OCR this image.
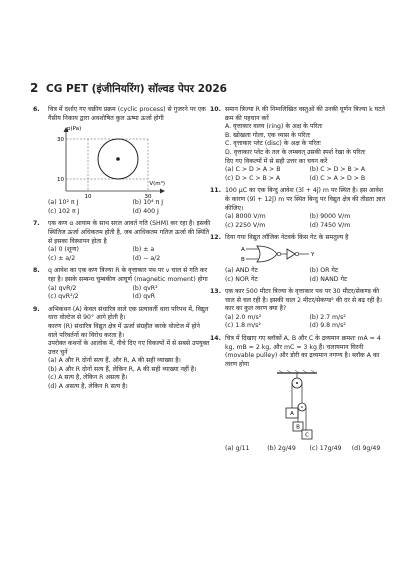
2 CG PET (इंजीनियरिंग) सॉल्वड पेपर 2026
6. चित्र में दर्शाए गए चक्रीय प्रक्रम (cyclic process) से गुजरने पर एक गैसीय निकाय द्वारा अवशोषित कुल ऊष्मा ऊर्जा होगी
p(Pa)
V(m³)
30
10
10	30
(a) 10² π J	(b) 10⁴ π J
(c) 102 π J	(d) 400 J
7. एक कण α आयाम के साथ सरल आवर्त गति (SHM) कर रहा है। इसकी स्थितिज ऊर्जा अधिकतम होती है, जब आधिकतम गतिज ऊर्जा की स्थिति से इसका विस्थापन होता है
(a) 0 (शून्य)	(b) ± a
(c) ± a/2	(d) − a/2
8. q आवेश का एक कण त्रिज्या R के वृत्ताकार पथ पर v चाल से गति कर रहा है। इसके सम्बन्ध चुम्बकीय आघूर्ण (magnetic moment) होगा
(a) qvR/2	(b) qvR²
(c) qvR²/2	(d) qvR
9. अभिकथन (A) केवल संधारित्र वाले एक प्रत्यावर्ती धारा परिपथ में, विद्युत धारा वोल्टेज से 90° आगे होती है।
कारण (R) संधारित्र विद्युत क्षेत्र में ऊर्जा संग्रहीत करके वोल्टेज में होने वाले परिवर्तनों का विरोध करता है।
उपरोक्त कथनों के आलोक में, नीचे दिए गए विकल्पों में से सबसे उपयुक्त उत्तर चुनें
(a) A और R दोनों सत्य हैं, और R, A की सही व्याख्या है।
(b) A और R दोनों सत्य हैं, लेकिन R, A की सही व्याख्या नहीं है।
(c) A सत्य है, लेकिन R असत्य है।
(d) A असत्य है, लेकिन R सत्य है।
10. समान त्रिज्या R की निम्नलिखित वस्तुओं की उनकी घूर्णन त्रिज्या k घटते क्रम की पहचान करें
A. वृत्ताकार वलय (ring) के अक्ष के परितः
B. खोखला गोला, एक व्यास के परितः
C. वृत्ताकार प्लेट (disc) के अक्ष के परितः
D. वृत्ताकार प्लेट के तल के लम्बवत् उसकी स्पर्श रेखा के परितः
दिए गए विकल्पों में से सही उत्तर का चयन करें
(a) C > D > A > B	(b) C > D > B > A
(c) D > C > B > A	(d) C > A > D > B
11. 100 μC का एक बिन्दु आवेश (3î + 4ĵ) m पर स्थित है। इस आवेश के कारण (9î + 12ĵ) m पर स्थित बिन्दु पर विद्युत क्षेत्र की तीव्रता ज्ञात कीजिए।
(a) 8000 V/m	(b) 9000 V/m
(c) 2250 V/m	(d) 7450 V/m
12. दिया गया विद्युत लॉजिक नेटवर्क किस गेट के समतुल्य है
A
B
Y
(a) AND गेट	(b) OR गेट
(c) NOR गेट	(d) NAND गेट
13. एक कार 500 मीटर त्रिज्या के वृत्ताकार पथ पर 30 मीटर/सेकण्ड की चाल से चल रही है। इसकी चाल 2 मीटर/सेकण्ड² की दर से बढ़ रही है। कार का कुल त्वरण क्या है?
(a) 2.0 m/s²	(b) 2.7 m/s²
(c) 1.8 m/s²	(d) 9.8 m/s²
14. चित्र में दिखाए गए ब्लॉकों A, B और C के द्रव्यमान क्रमशः mA = 4 kg, mB = 2 kg, और mC = 3 kg हैं। चलायमान घिरनी (movable pulley) और डोरी का द्रव्यमान नगण्य है। ब्लॉक A का त्वरण होगा
A
B
C
(a) g/11	(b) 2g/49	(c) 17g/49	(d) 9g/49
